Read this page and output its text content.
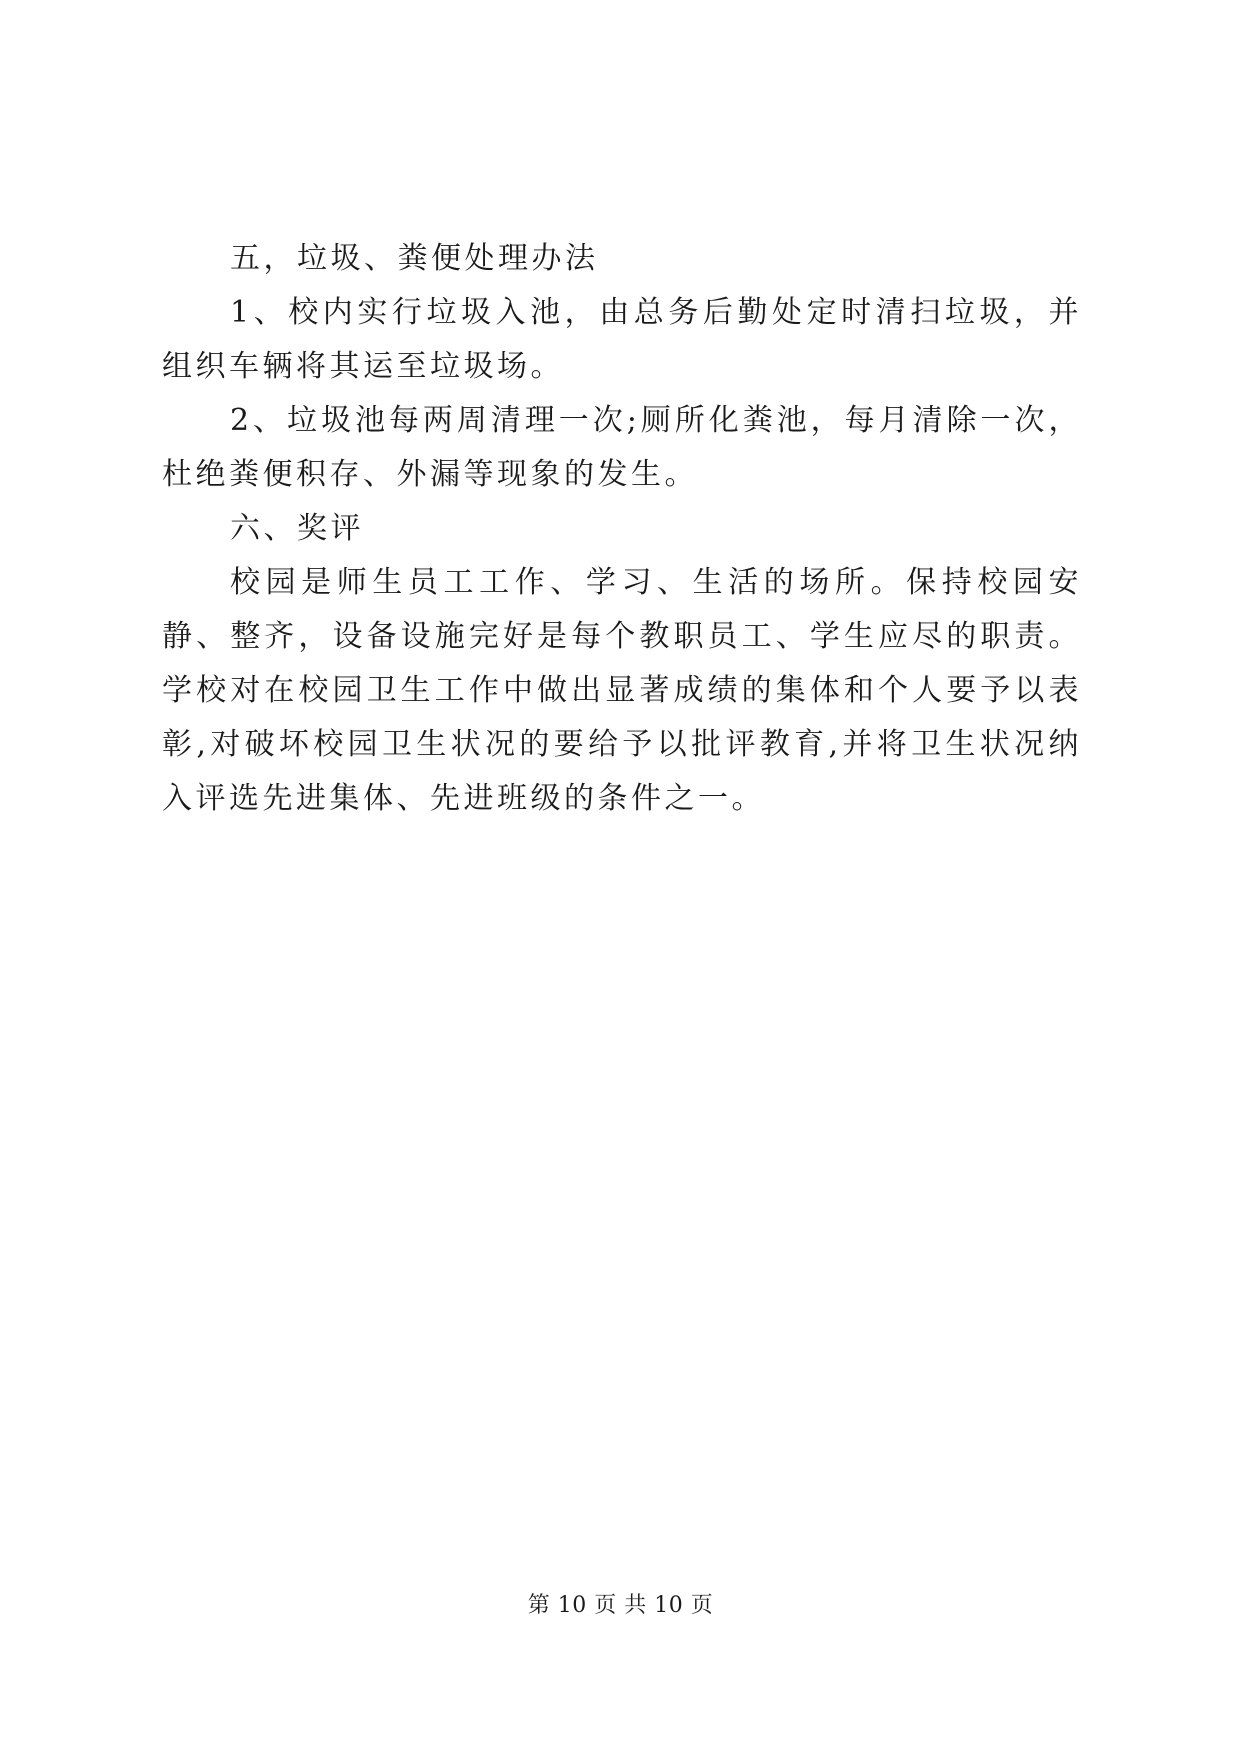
五，垃圾、粪便处理办法

1、校内实行垃圾入池，由总务后勤处定时清扫垃圾，并组织车辆将其运至垃圾场。

2、垃圾池每两周清理一次;厕所化粪池，每月清除一次，杜绝粪便积存、外漏等现象的发生。

六、奖评

校园是师生员工工作、学习、生活的场所。保持校园安静、整齐，设备设施完好是每个教职员工、学生应尽的职责。学校对在校园卫生工作中做出显著成绩的集体和个人要予以表彰,对破坏校园卫生状况的要给予以批评教育,并将卫生状况纳入评选先进集体、先进班级的条件之一。

第 10 页 共 10 页
